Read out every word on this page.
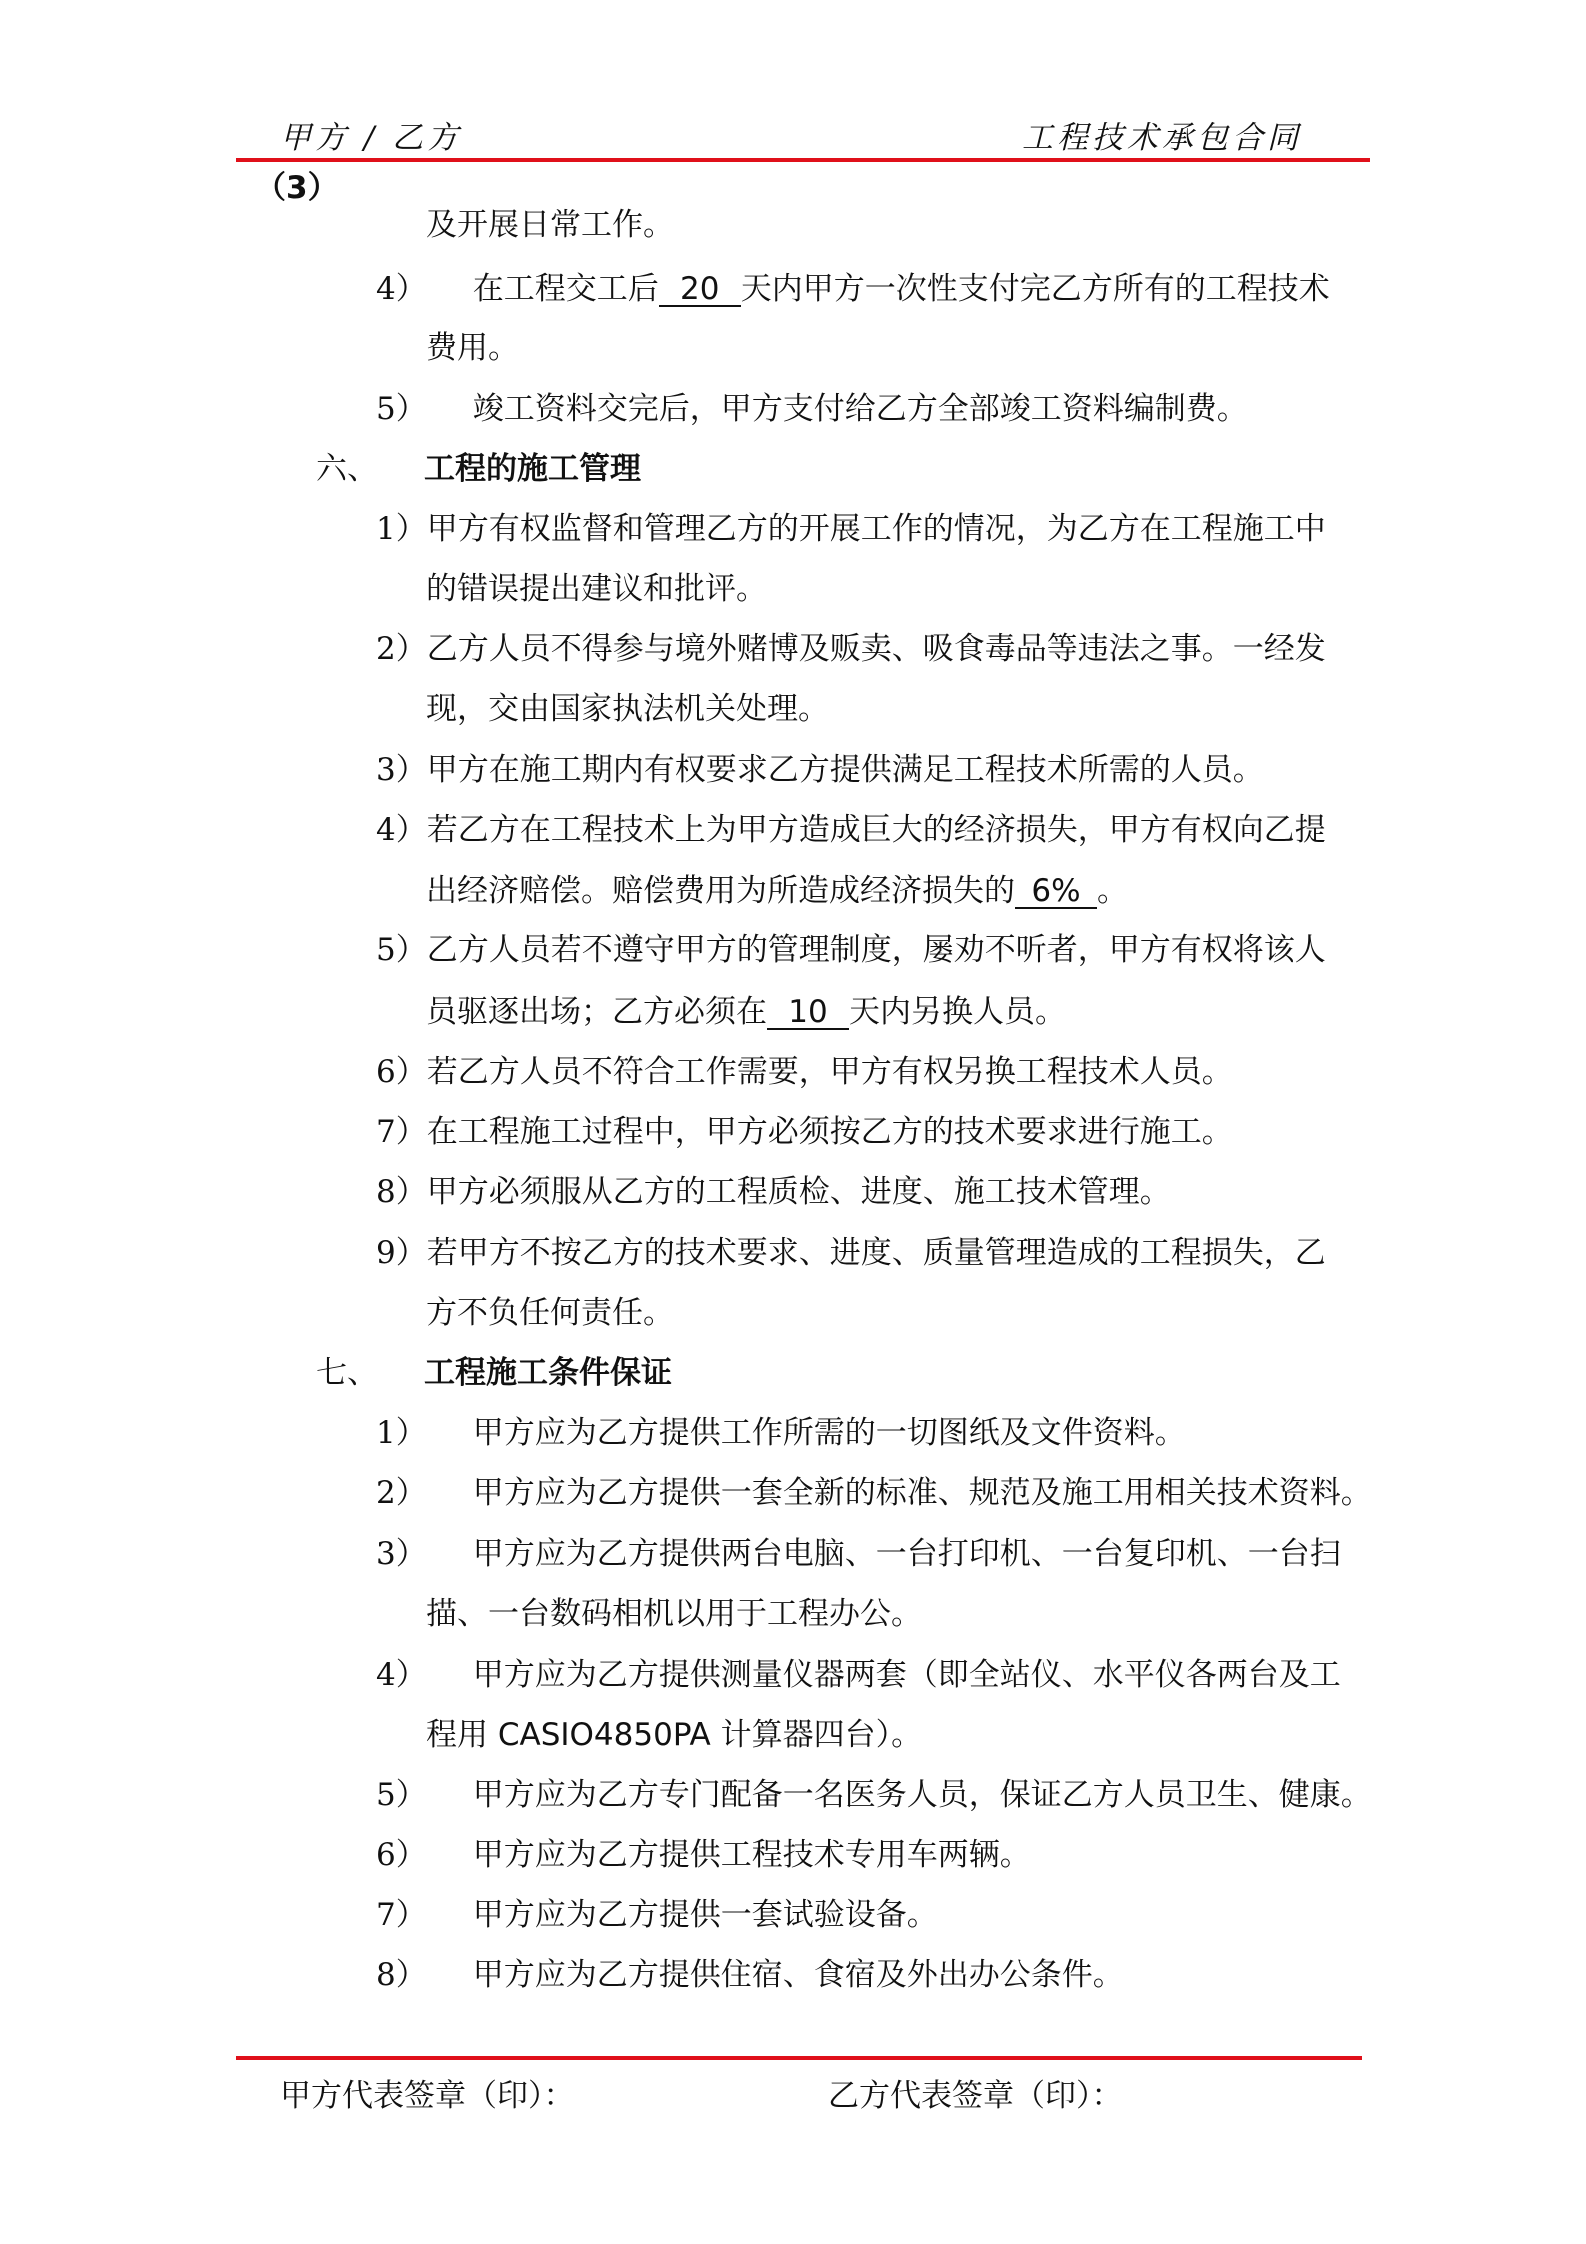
甲方 / 乙方	工程技术承包合同
（3）
及开展日常工作。
4） 在工程交工后 20 天内甲方一次性支付完乙方所有的工程技术
费用。
5） 竣工资料交完后，甲方支付给乙方全部竣工资料编制费。
六、 工程的施工管理
1）甲方有权监督和管理乙方的开展工作的情况，为乙方在工程施工中
的错误提出建议和批评。
2）乙方人员不得参与境外赌博及贩卖、吸食毒品等违法之事。一经发
现，交由国家执法机关处理。
3）甲方在施工期内有权要求乙方提供满足工程技术所需的人员。
4）若乙方在工程技术上为甲方造成巨大的经济损失，甲方有权向乙提
出经济赔偿。赔偿费用为所造成经济损失的 6% 。
5）乙方人员若不遵守甲方的管理制度，屡劝不听者，甲方有权将该人
员驱逐出场；乙方必须在 10 天内另换人员。
6）若乙方人员不符合工作需要，甲方有权另换工程技术人员。
7）在工程施工过程中，甲方必须按乙方的技术要求进行施工。
8）甲方必须服从乙方的工程质检、进度、施工技术管理。
9）若甲方不按乙方的技术要求、进度、质量管理造成的工程损失，乙
方不负任何责任。
七、 工程施工条件保证
1） 甲方应为乙方提供工作所需的一切图纸及文件资料。
2） 甲方应为乙方提供一套全新的标准、规范及施工用相关技术资料。
3） 甲方应为乙方提供两台电脑、一台打印机、一台复印机、一台扫
描、一台数码相机以用于工程办公。
4） 甲方应为乙方提供测量仪器两套（即全站仪、水平仪各两台及工
程用 CASIO4850PA 计算器四台）。
5） 甲方应为乙方专门配备一名医务人员，保证乙方人员卫生、健康。
6） 甲方应为乙方提供工程技术专用车两辆。
7） 甲方应为乙方提供一套试验设备。
8） 甲方应为乙方提供住宿、食宿及外出办公条件。
甲方代表签章（印）：	乙方代表签章（印）：
